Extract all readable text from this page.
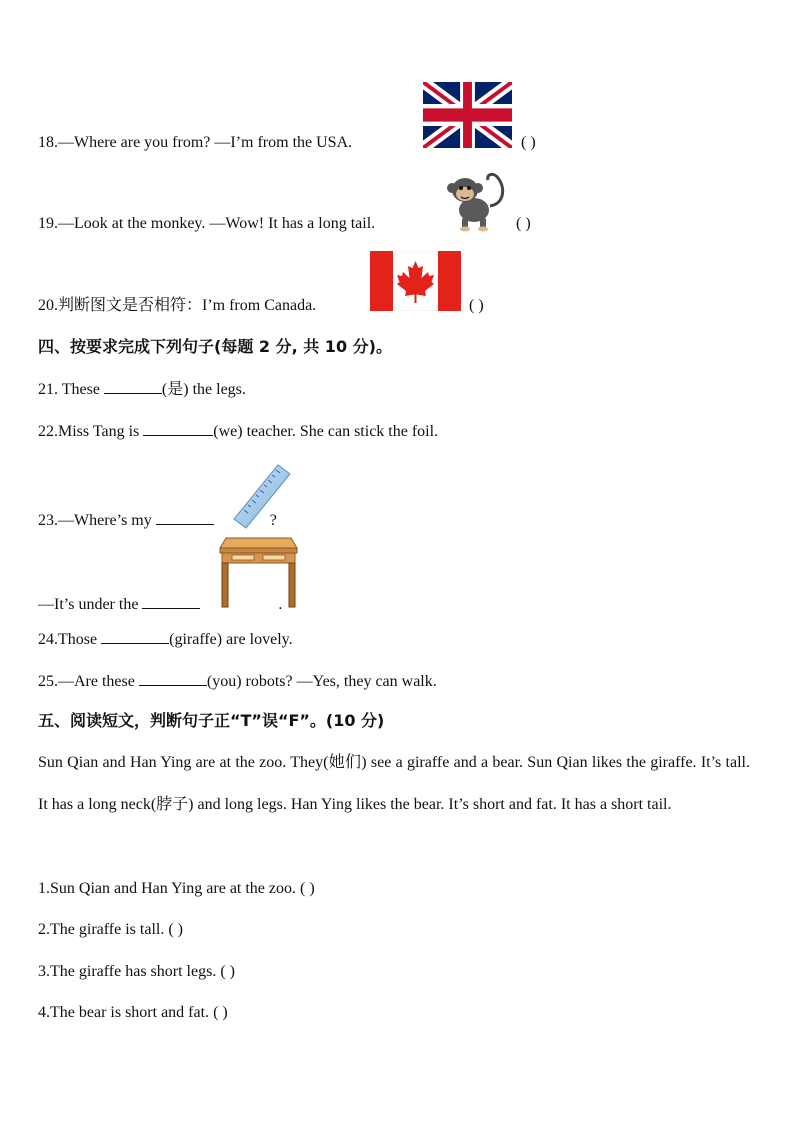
18.—Where are you from? —I’m from the USA.	( )
19.—Look at the monkey. —Wow! It has a long tail.	( )
20.判断图文是否相符：I’m from Canada.	( )
四、按要求完成下列句子(每题 2 分, 共 10 分)。
21. These	(是) the legs.
22.Miss Tang is	(we) teacher. She can stick the foil.
23.—Where’s my	?
—It’s under the	.
24.Those	(giraffe) are lovely.
25.—Are these	(you) robots? —Yes, they can walk.
五、阅读短文，判断句子正“T”误“F”。(10 分)
Sun Qian and Han Ying are at the zoo. They(她们) see a giraffe and a bear. Sun Qian likes the giraffe. It’s tall. It has a long neck(脖子) and long legs. Han Ying likes the bear. It’s short and fat. It has a short tail.
1.Sun Qian and Han Ying are at the zoo. ( )
2.The giraffe is tall. ( )
3.The giraffe has short legs. ( )
4.The bear is short and fat. ( )
